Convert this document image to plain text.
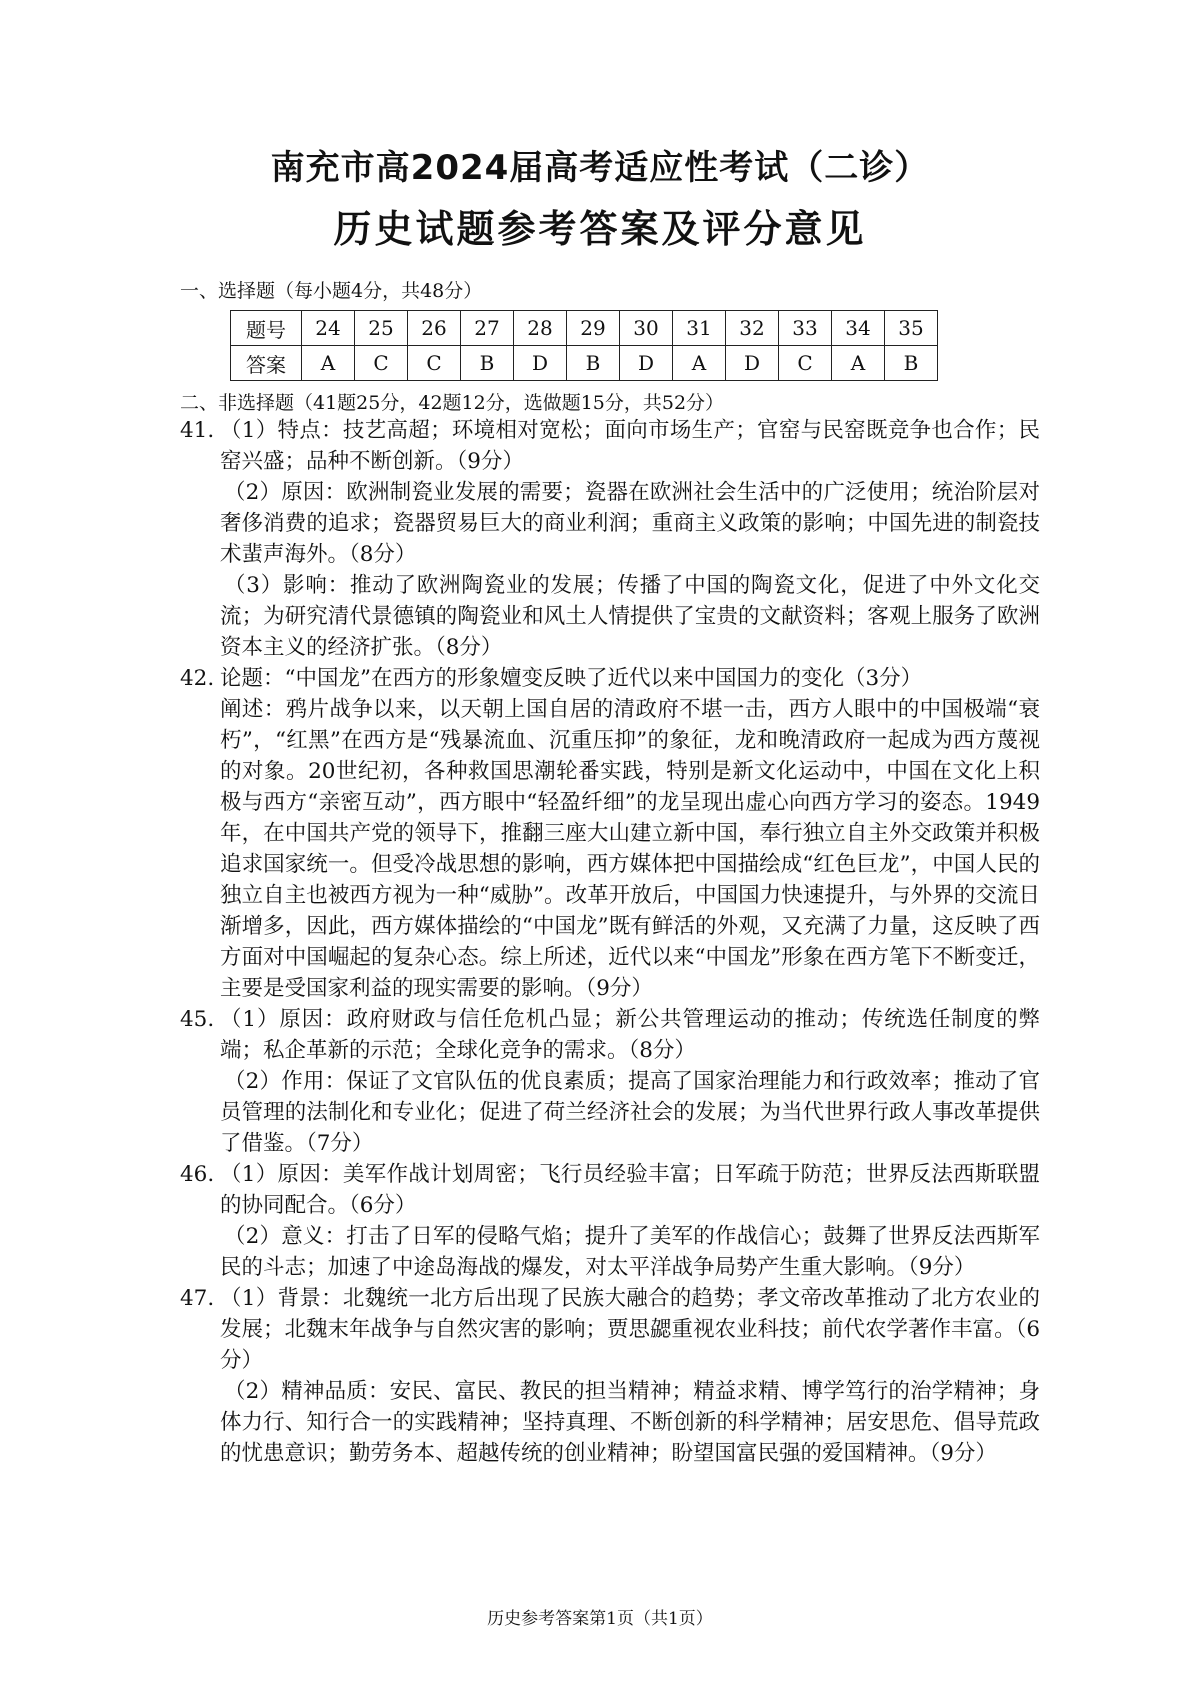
南充市高2024届高考适应性考试（二诊）
历史试题参考答案及评分意见
一、选择题（每小题4分，共48分）
题号	24	25	26	27	28	29	30	31	32	33	34	35
答案	A	C	C	B	D	B	D	A	D	C	A	B
二、非选择题（41题25分，42题12分，选做题15分，共52分）
41. （1）特点：技艺高超；环境相对宽松；面向市场生产；官窑与民窑既竞争也合作；民窑兴盛；品种不断创新。（9分）

（2）原因：欧洲制瓷业发展的需要；瓷器在欧洲社会生活中的广泛使用；统治阶层对奢侈消费的追求；瓷器贸易巨大的商业利润；重商主义政策的影响；中国先进的制瓷技术蜚声海外。（8分）

（3）影响：推动了欧洲陶瓷业的发展；传播了中国的陶瓷文化，促进了中外文化交流；为研究清代景德镇的陶瓷业和风土人情提供了宝贵的文献资料；客观上服务了欧洲资本主义的经济扩张。（8分）

42. 论题：“中国龙”在西方的形象嬗变反映了近代以来中国国力的变化（3分）

阐述：鸦片战争以来，以天朝上国自居的清政府不堪一击，西方人眼中的中国极端“衰朽”，“红黑”在西方是“残暴流血、沉重压抑”的象征，龙和晚清政府一起成为西方蔑视的对象。20世纪初，各种救国思潮轮番实践，特别是新文化运动中，中国在文化上积极与西方“亲密互动”，西方眼中“轻盈纤细”的龙呈现出虚心向西方学习的姿态。1949年，在中国共产党的领导下，推翻三座大山建立新中国，奉行独立自主外交政策并积极追求国家统一。但受冷战思想的影响，西方媒体把中国描绘成“红色巨龙”，中国人民的独立自主也被西方视为一种“威胁”。改革开放后，中国国力快速提升，与外界的交流日渐增多，因此，西方媒体描绘的“中国龙”既有鲜活的外观，又充满了力量，这反映了西方面对中国崛起的复杂心态。综上所述，近代以来“中国龙”形象在西方笔下不断变迁，主要是受国家利益的现实需要的影响。（9分）

45. （1）原因：政府财政与信任危机凸显；新公共管理运动的推动；传统选任制度的弊端；私企革新的示范；全球化竞争的需求。（8分）

（2）作用：保证了文官队伍的优良素质；提高了国家治理能力和行政效率；推动了官员管理的法制化和专业化；促进了荷兰经济社会的发展；为当代世界行政人事改革提供了借鉴。（7分）

46. （1）原因：美军作战计划周密；飞行员经验丰富；日军疏于防范；世界反法西斯联盟的协同配合。（6分）

（2）意义：打击了日军的侵略气焰；提升了美军的作战信心；鼓舞了世界反法西斯军民的斗志；加速了中途岛海战的爆发，对太平洋战争局势产生重大影响。（9分）

47. （1）背景：北魏统一北方后出现了民族大融合的趋势；孝文帝改革推动了北方农业的发展；北魏末年战争与自然灾害的影响；贾思勰重视农业科技；前代农学著作丰富。（6分）

（2）精神品质：安民、富民、教民的担当精神；精益求精、博学笃行的治学精神；身体力行、知行合一的实践精神；坚持真理、不断创新的科学精神；居安思危、倡导荒政的忧患意识；勤劳务本、超越传统的创业精神；盼望国富民强的爱国精神。（9分）

历史参考答案第1页（共1页）
